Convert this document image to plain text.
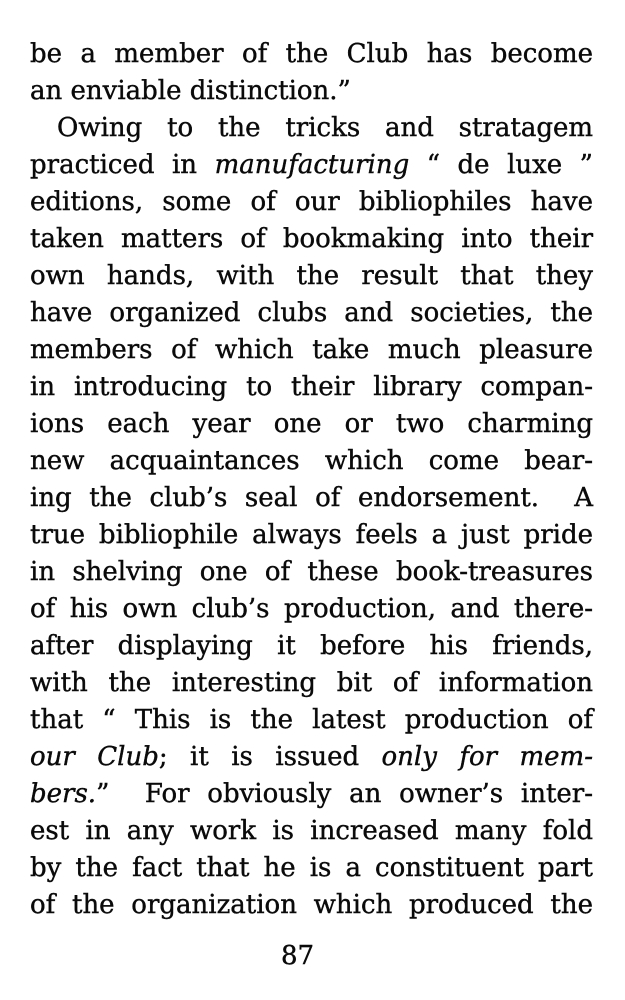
be a member of the Club has become
an enviable distinction.”
Owing to the tricks and stratagem
practiced in manufacturing “ de luxe ”
editions, some of our bibliophiles have
taken matters of bookmaking into their
own hands, with the result that they
have organized clubs and societies, the
members of which take much pleasure
in introducing to their library compan-
ions each year one or two charming
new acquaintances which come bear-
ing the club’s seal of endorsement.  A
true bibliophile always feels a just pride
in shelving one of these book-treasures
of his own club’s production, and there-
after displaying it before his friends,
with the interesting bit of information
that “ This is the latest production of
our Club; it is issued only for mem-
bers.”  For obviously an owner’s inter-
est in any work is increased many fold
by the fact that he is a constituent part
of the organization which produced the
87
